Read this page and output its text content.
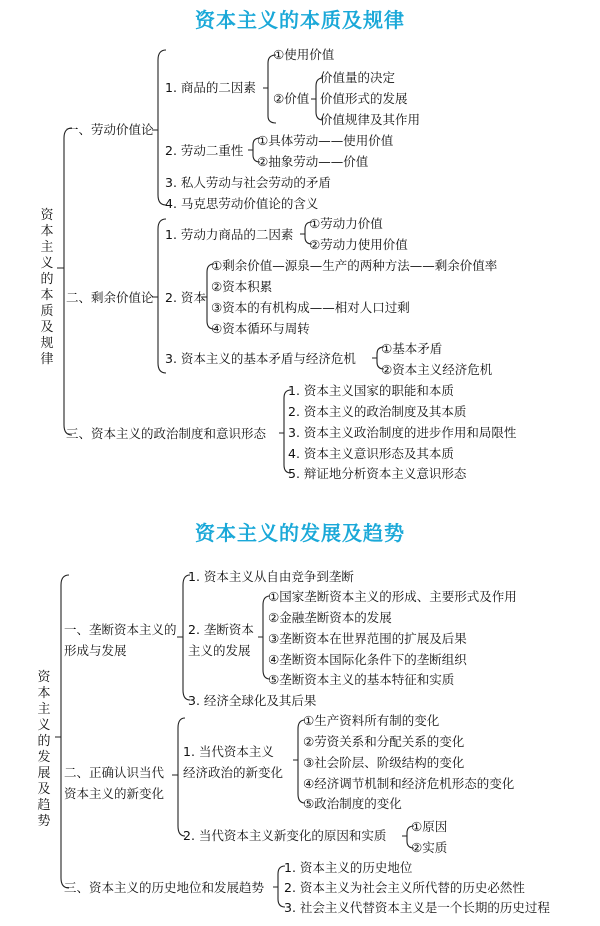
资本主义的本质及规律
资本主义的本质及规律
一、劳动价值论
1. 商品的二因素
①使用价值
②价值
价值量的决定
价值形式的发展
价值规律及其作用
2. 劳动二重性
①具体劳动——使用价值
②抽象劳动——价值
3. 私人劳动与社会劳动的矛盾
4. 马克思劳动价值论的含义
二、剩余价值论
1. 劳动力商品的二因素
①劳动力价值
②劳动力使用价值
2. 资本
①剩余价值—源泉—生产的两种方法——剩余价值率
②资本积累
③资本的有机构成——相对人口过剩
④资本循环与周转
3. 资本主义的基本矛盾与经济危机
①基本矛盾
②资本主义经济危机
三、资本主义的政治制度和意识形态
1. 资本主义国家的职能和本质
2. 资本主义的政治制度及其本质
3. 资本主义政治制度的进步作用和局限性
4. 资本主义意识形态及其本质
5. 辩证地分析资本主义意识形态
资本主义的发展及趋势
资本主义的发展及趋势
一、垄断资本主义的
形成与发展
1. 资本主义从自由竞争到垄断
2. 垄断资本
主义的发展
①国家垄断资本主义的形成、主要形式及作用
②金融垄断资本的发展
③垄断资本在世界范围的扩展及后果
④垄断资本国际化条件下的垄断组织
⑤垄断资本主义的基本特征和实质
3. 经济全球化及其后果
二、正确认识当代
资本主义的新变化
1. 当代资本主义
经济政治的新变化
①生产资料所有制的变化
②劳资关系和分配关系的变化
③社会阶层、阶级结构的变化
④经济调节机制和经济危机形态的变化
⑤政治制度的变化
2. 当代资本主义新变化的原因和实质
①原因
②实质
三、资本主义的历史地位和发展趋势
1. 资本主义的历史地位
2. 资本主义为社会主义所代替的历史必然性
3. 社会主义代替资本主义是一个长期的历史过程
